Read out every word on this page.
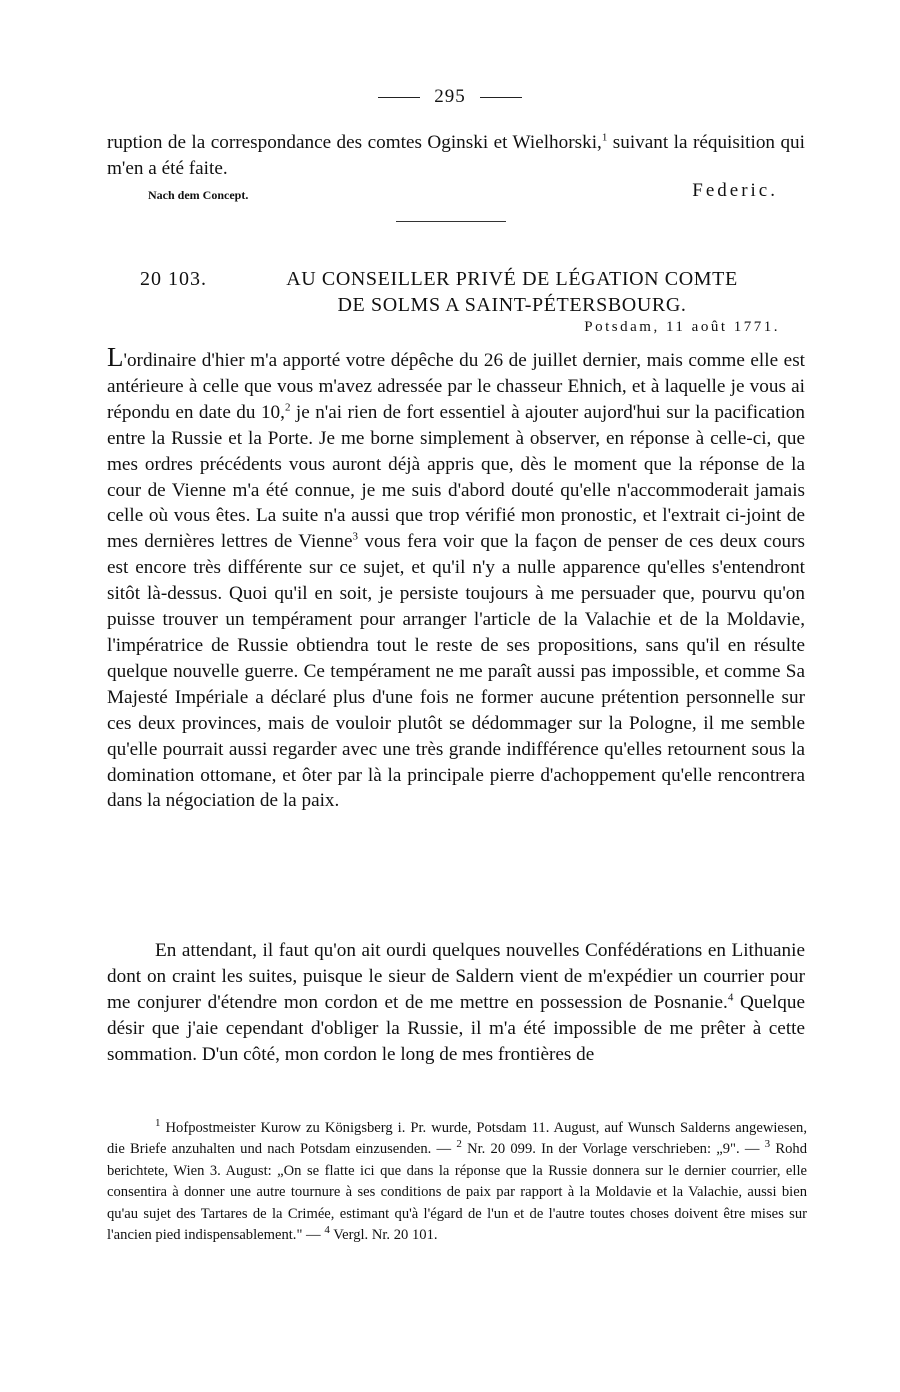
295

ruption de la correspondance des comtes Oginski et Wielhorski,$^1$ suivant la réquisition qui m'en a été faite.

Nach dem Concept.	Federic.
20 103.	AU CONSEILLER PRIVÉ DE LÉGATION COMTE
DE SOLMS A SAINT-PÉTERSBOURG.
Potsdam, 11 août 1771.

L'ordinaire d'hier m'a apporté votre dépêche du 26 de juillet dernier, mais comme elle est antérieure à celle que vous m'avez adressée par le chasseur Ehnich, et à laquelle je vous ai répondu en date du 10,$^2$ je n'ai rien de fort essentiel à ajouter aujord'hui sur la pacification entre la Russie et la Porte. Je me borne simplement à observer, en réponse à celle-ci, que mes ordres précédents vous auront déjà appris que, dès le moment que la réponse de la cour de Vienne m'a été connue, je me suis d'abord douté qu'elle n'accommoderait jamais celle où vous êtes. La suite n'a aussi que trop vérifié mon pronostic, et l'extrait ci-joint de mes dernières lettres de Vienne$^3$ vous fera voir que la façon de penser de ces deux cours est encore très différente sur ce sujet, et qu'il n'y a nulle apparence qu'elles s'entendront sitôt là-dessus. Quoi qu'il en soit, je persiste toujours à me persuader que, pourvu qu'on puisse trouver un tempérament pour arranger l'article de la Valachie et de la Moldavie, l'impératrice de Russie obtiendra tout le reste de ses propositions, sans qu'il en résulte quelque nouvelle guerre. Ce tempérament ne me paraît aussi pas impossible, et comme Sa Majesté Impériale a déclaré plus d'une fois ne former aucune prétention personnelle sur ces deux provinces, mais de vouloir plutôt se dédommager sur la Pologne, il me semble qu'elle pourrait aussi regarder avec une très grande indifférence qu'elles retournent sous la domination ottomane, et ôter par là la principale pierre d'achoppement qu'elle rencontrera dans la négociation de la paix.

En attendant, il faut qu'on ait ourdi quelques nouvelles Confédérations en Lithuanie dont on craint les suites, puisque le sieur de Saldern vient de m'expédier un courrier pour me conjurer d'étendre mon cordon et de me mettre en possession de Posnanie.$^4$ Quelque désir que j'aie cependant d'obliger la Russie, il m'a été impossible de me prêter à cette sommation. D'un côté, mon cordon le long de mes frontières de

$^1$ Hofpostmeister Kurow zu Königsberg i. Pr. wurde, Potsdam 11. August, auf Wunsch Salderns angewiesen, die Briefe anzuhalten und nach Potsdam einzusenden. — $^2$ Nr. 20 099. In der Vorlage verschrieben: „9". — $^3$ Rohd berichtete, Wien 3. August: „On se flatte ici que dans la réponse que la Russie donnera sur le dernier courrier, elle consentira à donner une autre tournure à ses conditions de paix par rapport à la Moldavie et la Valachie, aussi bien qu'au sujet des Tartares de la Crimée, estimant qu'à l'égard de l'un et de l'autre toutes choses doivent être mises sur l'ancien pied indispensablement." — $^4$ Vergl. Nr. 20 101.
